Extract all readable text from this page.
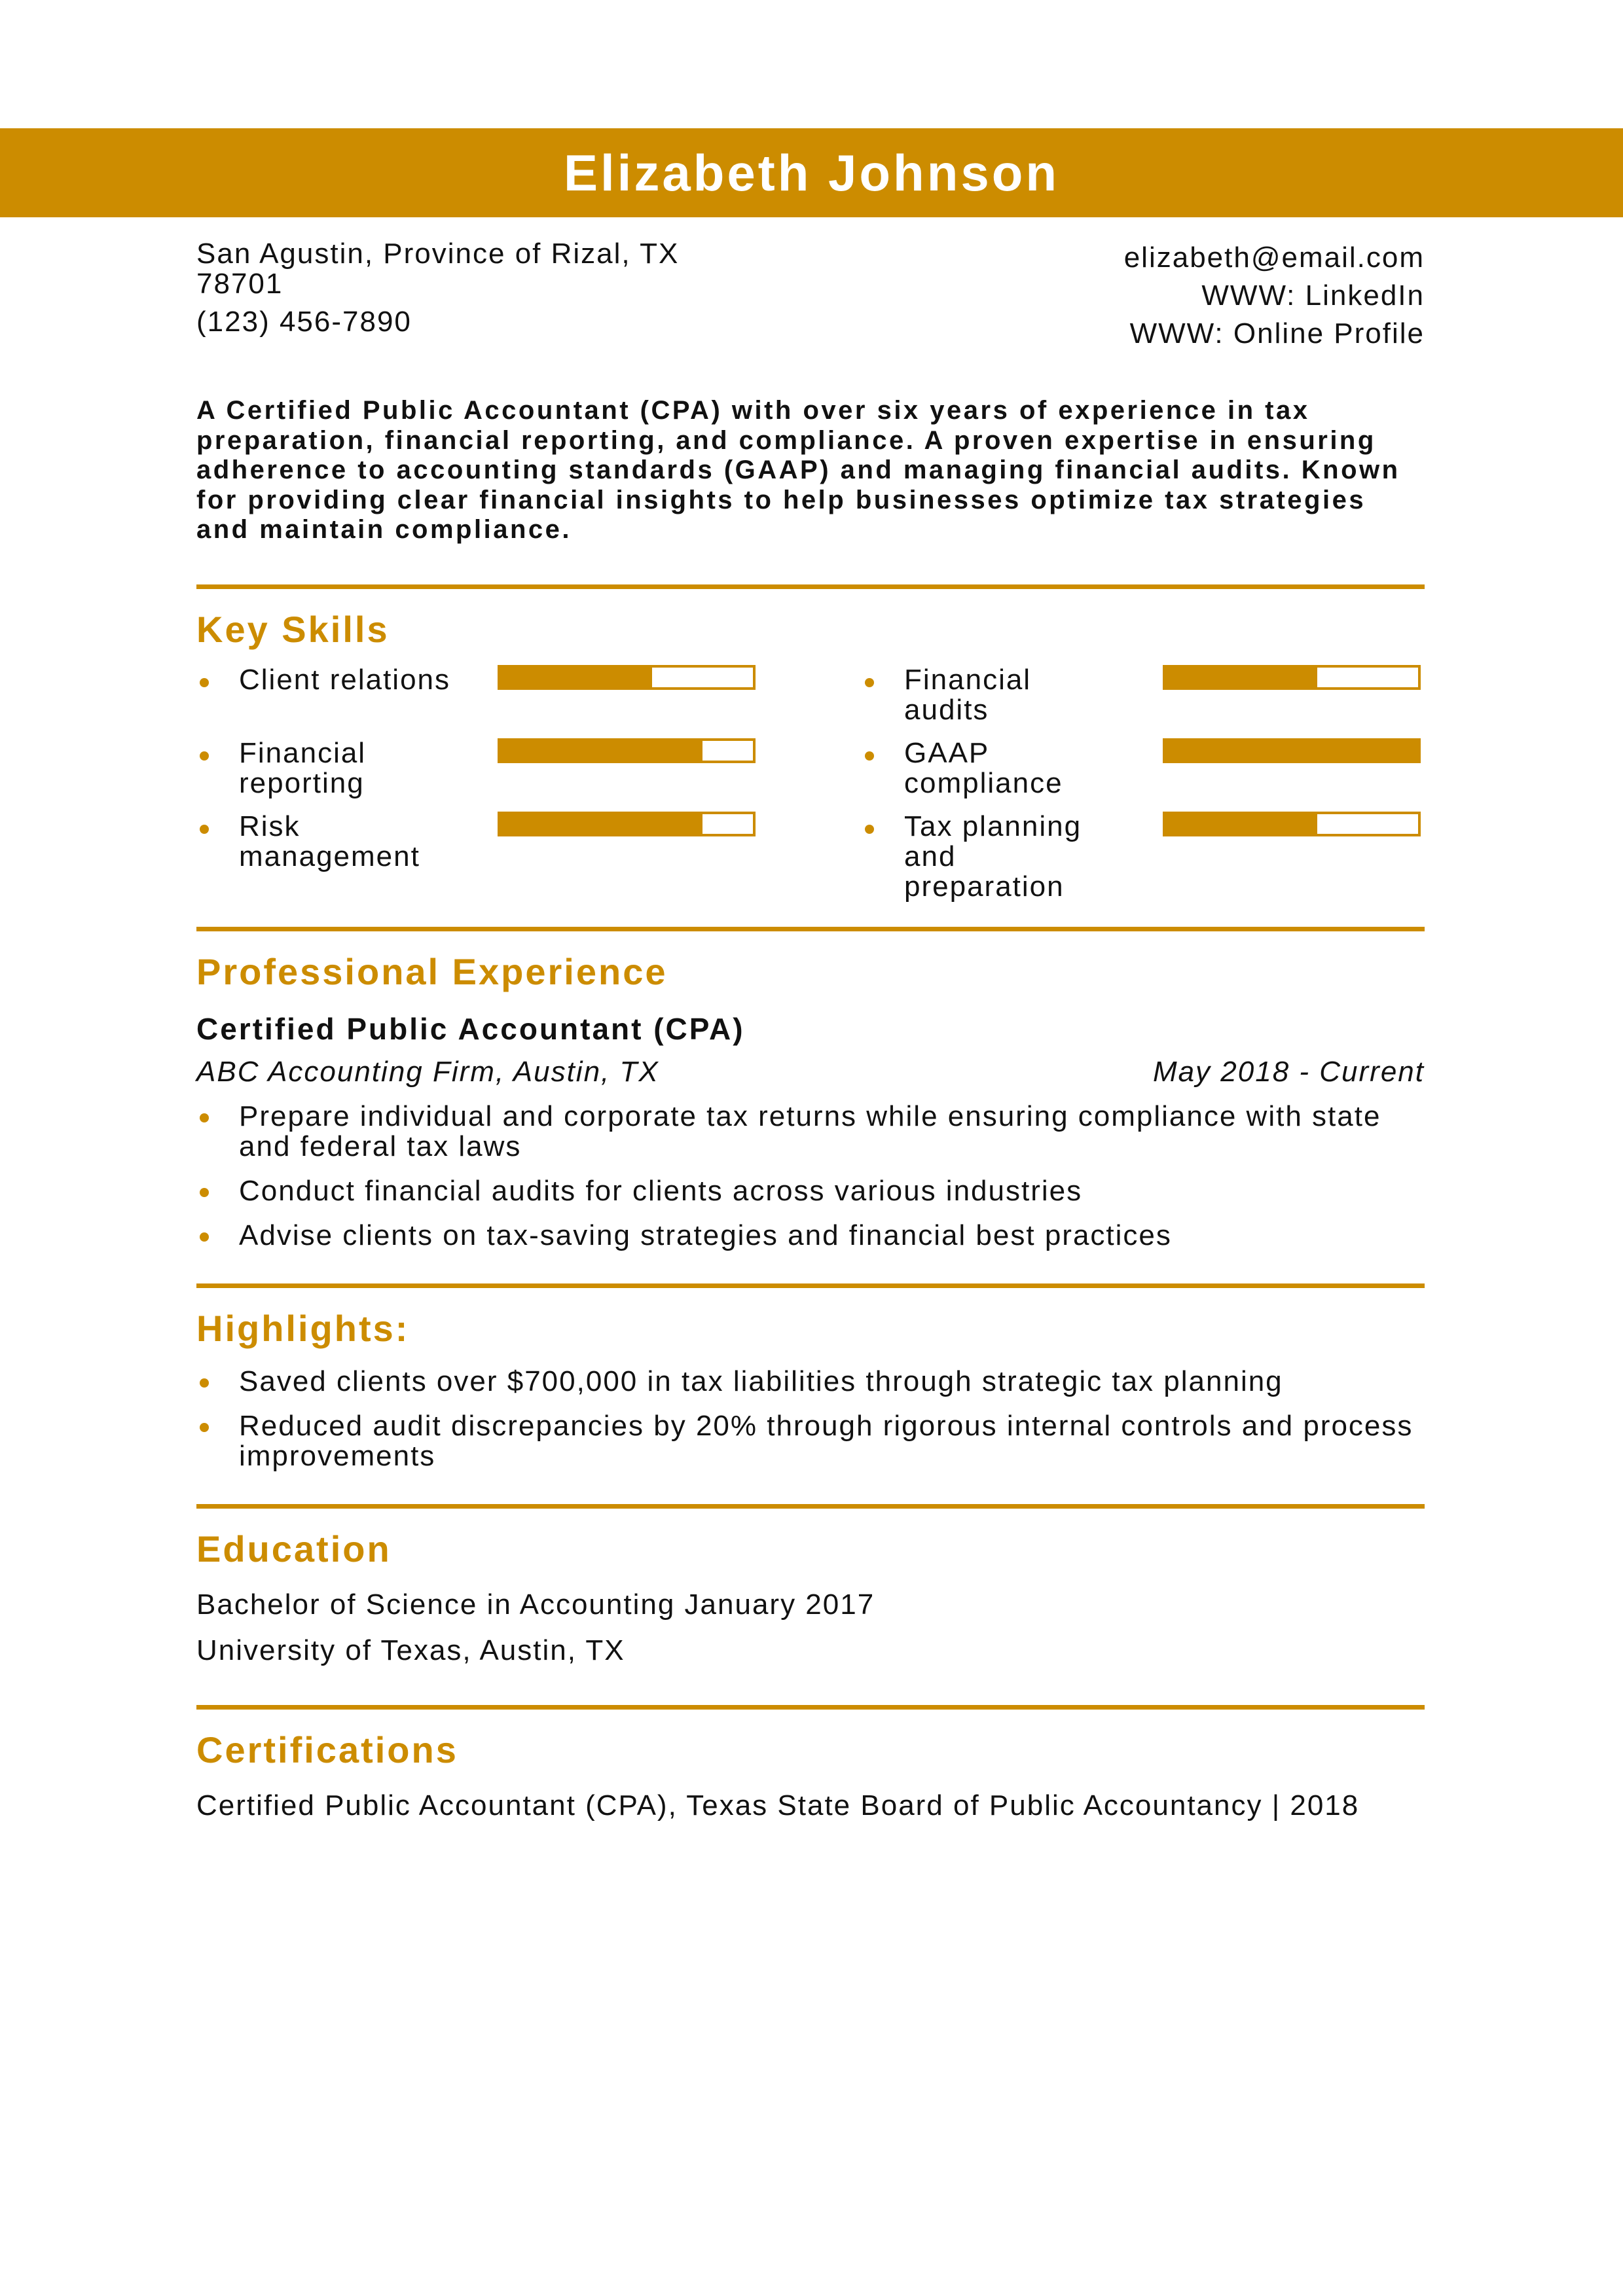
Elizabeth Johnson
San Agustin, Province of Rizal, TX
78701
(123) 456-7890
elizabeth@email.com
WWW: LinkedIn
WWW: Online Profile
A Certified Public Accountant (CPA) with over six years of experience in tax preparation, financial reporting, and compliance. A proven expertise in ensuring adherence to accounting standards (GAAP) and managing financial audits. Known for providing clear financial insights to help businesses optimize tax strategies and maintain compliance.
Key Skills
Client relations	Financial audits
Financial reporting
GAAP compliance
Risk management
Tax planning and preparation
Professional Experience
Certified Public Accountant (CPA)
ABC Accounting Firm, Austin, TX	May 2018 - Current
Prepare individual and corporate tax returns while ensuring compliance with state and federal tax laws
Conduct financial audits for clients across various industries
Advise clients on tax-saving strategies and financial best practices
Highlights:
Saved clients over $700,000 in tax liabilities through strategic tax planning
Reduced audit discrepancies by 20% through rigorous internal controls and process improvements
Education
Bachelor of Science in Accounting January 2017
University of Texas, Austin, TX
Certifications
Certified Public Accountant (CPA), Texas State Board of Public Accountancy | 2018
